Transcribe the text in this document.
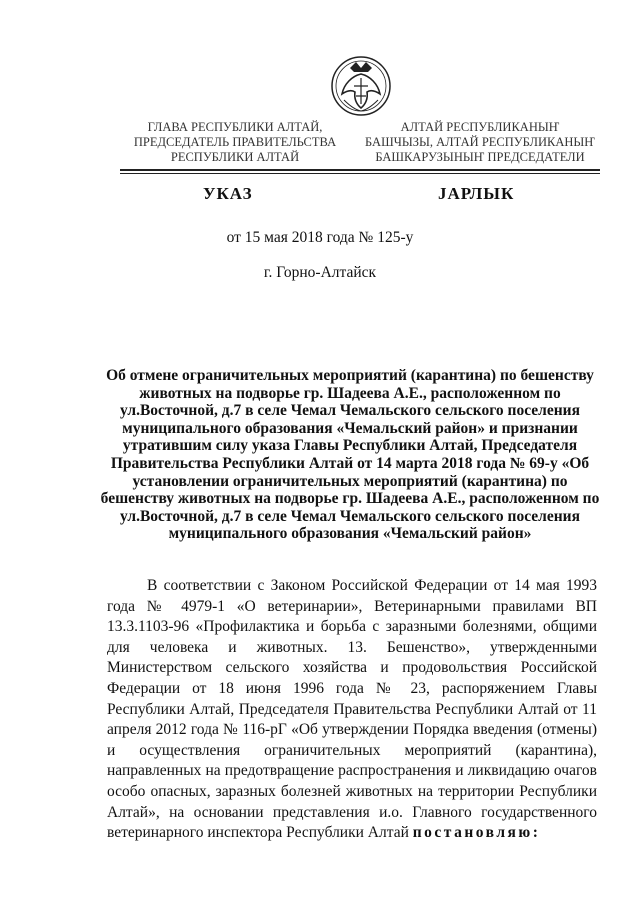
ГЛАВА РЕСПУБЛИКИ АЛТАЙ,
ПРЕДСЕДАТЕЛЬ ПРАВИТЕЛЬСТВА
РЕСПУБЛИКИ АЛТАЙ
АЛТАЙ РЕСПУБЛИКАНЫҤ
БАШЧЫЗЫ, АЛТАЙ РЕСПУБЛИКАНЫҤ
БАШКАРУЗЫНЫҤ ПРЕДСЕДАТЕЛИ
УКАЗ	JАРЛЫК
от 15 мая 2018 года № 125-у
г. Горно-Алтайск
Об отмене ограничительных мероприятий (карантина) по бешенству животных на подворье гр. Шадеева А.Е., расположенном по ул.Восточной, д.7 в селе Чемал Чемальского сельского поселения муниципального образования «Чемальский район» и признании утратившим силу указа Главы Республики Алтай, Председателя Правительства Республики Алтай от 14 марта 2018 года № 69-у «Об установлении ограничительных мероприятий (карантина) по бешенству животных на подворье гр. Шадеева А.Е., расположенном по ул.Восточной, д.7 в селе Чемал Чемальского сельского поселения муниципального образования «Чемальский район»
В соответствии с Законом Российской Федерации от 14 мая 1993 года № 4979-1 «О ветеринарии», Ветеринарными правилами ВП 13.3.1103-96 «Профилактика и борьба с заразными болезнями, общими для человека и животных. 13. Бешенство», утвержденными Министерством сельского хозяйства и продовольствия Российской Федерации от 18 июня 1996 года № 23, распоряжением Главы Республики Алтай, Председателя Правительства Республики Алтай от 11 апреля 2012 года № 116-рГ «Об утверждении Порядка введения (отмены) и осуществления ограничительных мероприятий (карантина), направленных на предотвращение распространения и ликвидацию очагов особо опасных, заразных болезней животных на территории Республики Алтай», на основании представления и.о. Главного государственного ветеринарного инспектора Республики Алтай постановляю:
